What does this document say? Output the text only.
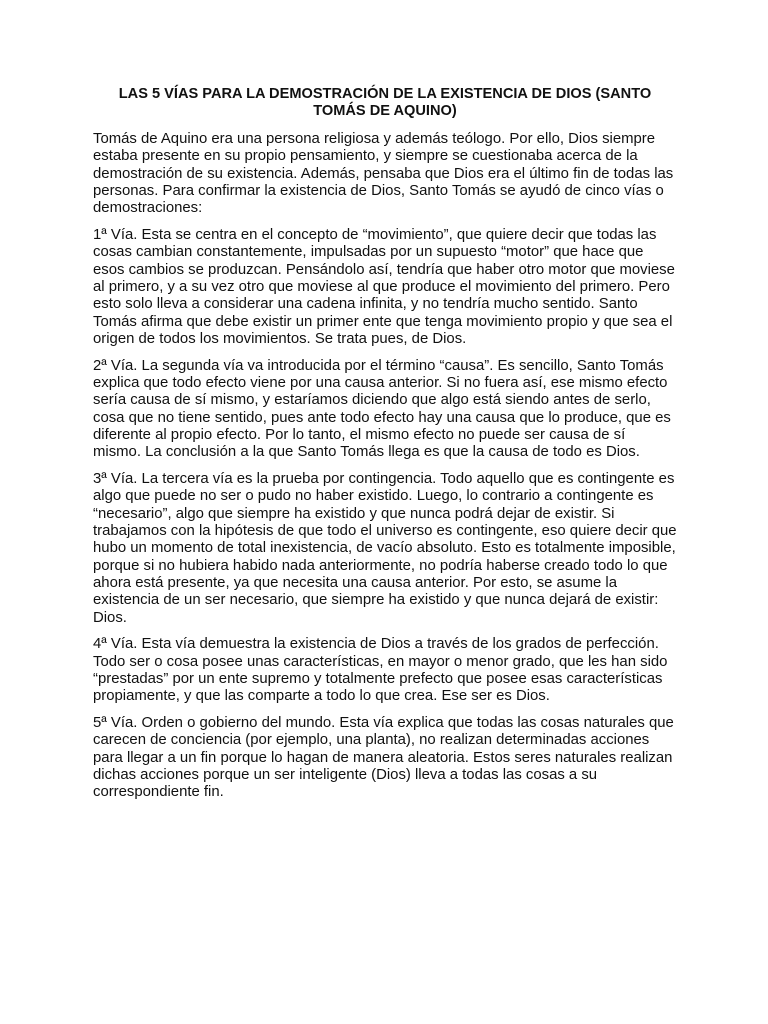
LAS 5 VÍAS PARA LA DEMOSTRACIÓN DE LA EXISTENCIA DE DIOS (SANTO TOMÁS DE AQUINO)

Tomás de Aquino era una persona religiosa y además teólogo. Por ello, Dios siempre estaba presente en su propio pensamiento, y siempre se cuestionaba acerca de la demostración de su existencia. Además, pensaba que Dios era el último fin de todas las personas. Para confirmar la existencia de Dios, Santo Tomás se ayudó de cinco vías o demostraciones:

1ª Vía. Esta se centra en el concepto de “movimiento”, que quiere decir que todas las cosas cambian constantemente, impulsadas por un supuesto “motor” que hace que esos cambios se produzcan. Pensándolo así, tendría que haber otro motor que moviese al primero, y a su vez otro que moviese al que produce el movimiento del primero. Pero esto solo lleva a considerar una cadena infinita, y no tendría mucho sentido. Santo Tomás afirma que debe existir un primer ente que tenga movimiento propio y que sea el origen de todos los movimientos. Se trata pues, de Dios.

2ª Vía. La segunda vía va introducida por el término “causa”. Es sencillo, Santo Tomás explica que todo efecto viene por una causa anterior. Si no fuera así, ese mismo efecto sería causa de sí mismo, y estaríamos diciendo que algo está siendo antes de serlo, cosa que no tiene sentido, pues ante todo efecto hay una causa que lo produce, que es diferente al propio efecto. Por lo tanto, el mismo efecto no puede ser causa de sí mismo. La conclusión a la que Santo Tomás llega es que la causa de todo es Dios.

3ª Vía. La tercera vía es la prueba por contingencia. Todo aquello que es contingente es algo que puede no ser o pudo no haber existido. Luego, lo contrario a contingente es “necesario”, algo que siempre ha existido y que nunca podrá dejar de existir. Si trabajamos con la hipótesis de que todo el universo es contingente, eso quiere decir que hubo un momento de total inexistencia, de vacío absoluto. Esto es totalmente imposible, porque si no hubiera habido nada anteriormente, no podría haberse creado todo lo que ahora está presente, ya que necesita una causa anterior. Por esto, se asume la existencia de un ser necesario, que siempre ha existido y que nunca dejará de existir: Dios.

4ª Vía. Esta vía demuestra la existencia de Dios a través de los grados de perfección. Todo ser o cosa posee unas características, en mayor o menor grado, que les han sido “prestadas” por un ente supremo y totalmente prefecto que posee esas características propiamente, y que las comparte a todo lo que crea. Ese ser es Dios.

5ª Vía. Orden o gobierno del mundo. Esta vía explica que todas las cosas naturales que carecen de conciencia (por ejemplo, una planta), no realizan determinadas acciones para llegar a un fin porque lo hagan de manera aleatoria. Estos seres naturales realizan dichas acciones porque un ser inteligente (Dios) lleva a todas las cosas a su correspondiente fin.
